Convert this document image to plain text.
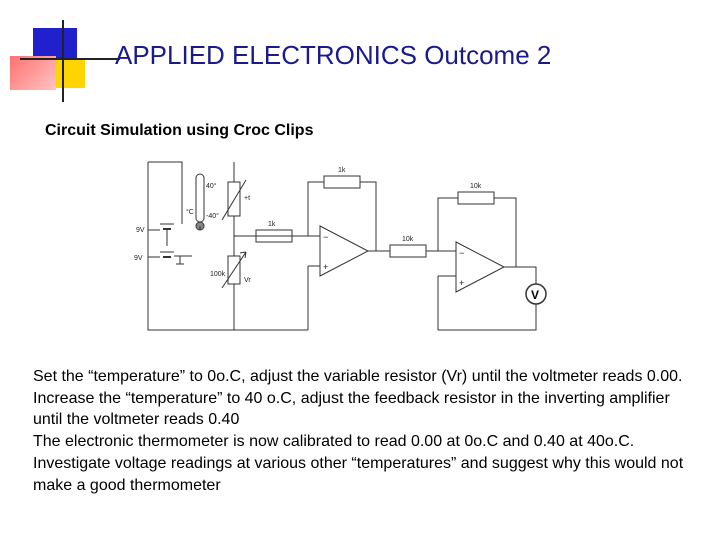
APPLIED ELECTRONICS Outcome 2
Circuit Simulation using Croc Clips
9V
9V
40°
-40°
°C
+t
100k
Vr
1k
−
+
1k
10k
−
+
10k
V

Set the “temperature” to 0o.C, adjust the variable resistor (Vr) until the voltmeter reads 0.00.

Increase the “temperature” to 40 o.C, adjust the feedback resistor in the inverting amplifier until the voltmeter reads 0.40

The electronic thermometer is now calibrated to read 0.00 at 0o.C and 0.40 at 40o.C.

Investigate voltage readings at various other “temperatures” and suggest why this would not make a good thermometer
